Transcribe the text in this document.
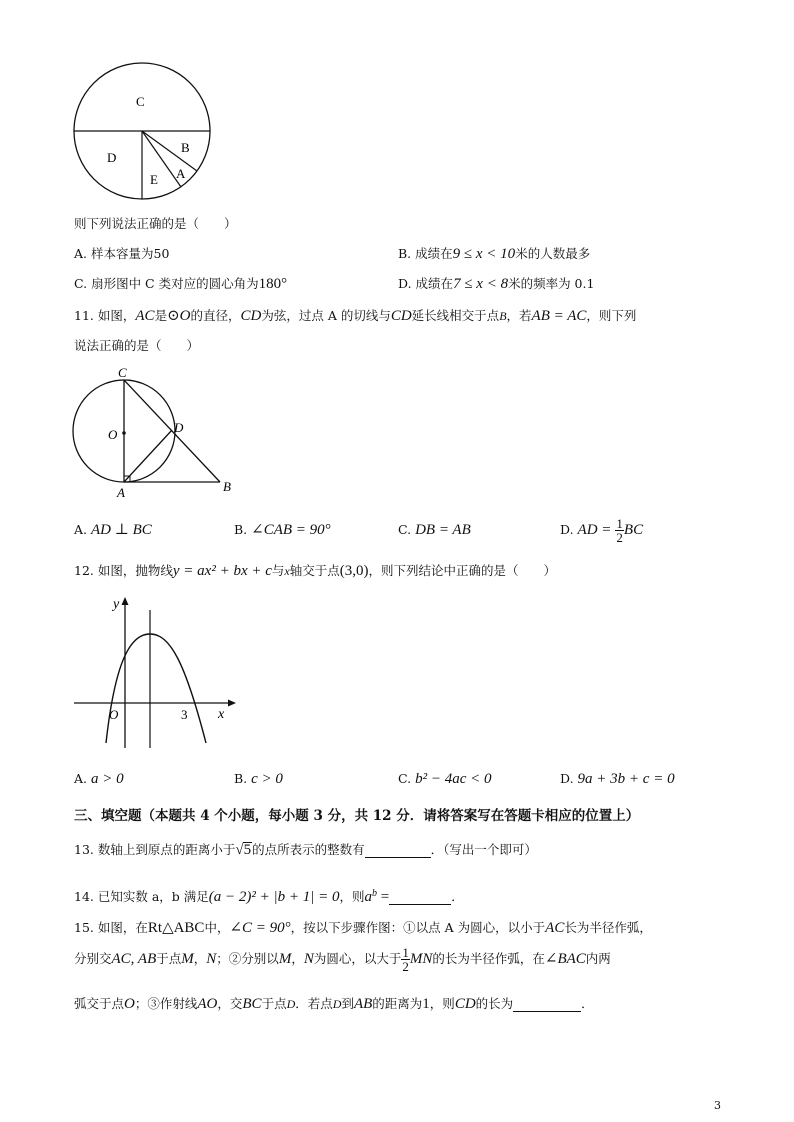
C
D
B
A
E
则下列说法正确的是（　　）
A. 样本容量为50	B. 成绩在9 ≤ x < 10米的人数最多
C. 扇形图中 C 类对应的圆心角为180°	D. 成绩在7 ≤ x < 8米的频率为 0.1
11. 如图，AC是⊙O的直径，CD为弦，过点 A 的切线与CD延长线相交于点B，若AB = AC，则下列
说法正确的是（　　）
C
O	D
A	B
A. AD ⊥ BC	B. ∠CAB = 90°	C. DB = AB	D. AD = $\frac{1}{2}$ BC
12. 如图，抛物线y = ax² + bx + c与x轴交于点(3,0)，则下列结论中正确的是（　　）
y
x
O	3
A. a > 0	B. c > 0	C. b² − 4ac < 0	D. 9a + 3b + c = 0
三、填空题（本题共 4 个小题，每小题 3 分，共 12 分．请将答案写在答题卡相应的位置上）
13. 数轴上到原点的距离小于√5的点所表示的整数有	．（写出一个即可）
14. 已知实数 a，b 满足(a − 2)² + |b + 1| = 0，则$a^b$ =	．
15. 如图，在Rt△ABC中，∠C = 90°，按以下步骤作图：①以点 A 为圆心，以小于AC长为半径作弧，
分别交AC, AB于点M，N；②分别以M，N为圆心，以大于 $\frac{1}{2}$ MN的长为半径作弧，在∠BAC内两
弧交于点O；③作射线AO，交BC于点D．若点D到AB的距离为1，则CD的长为	．
3
